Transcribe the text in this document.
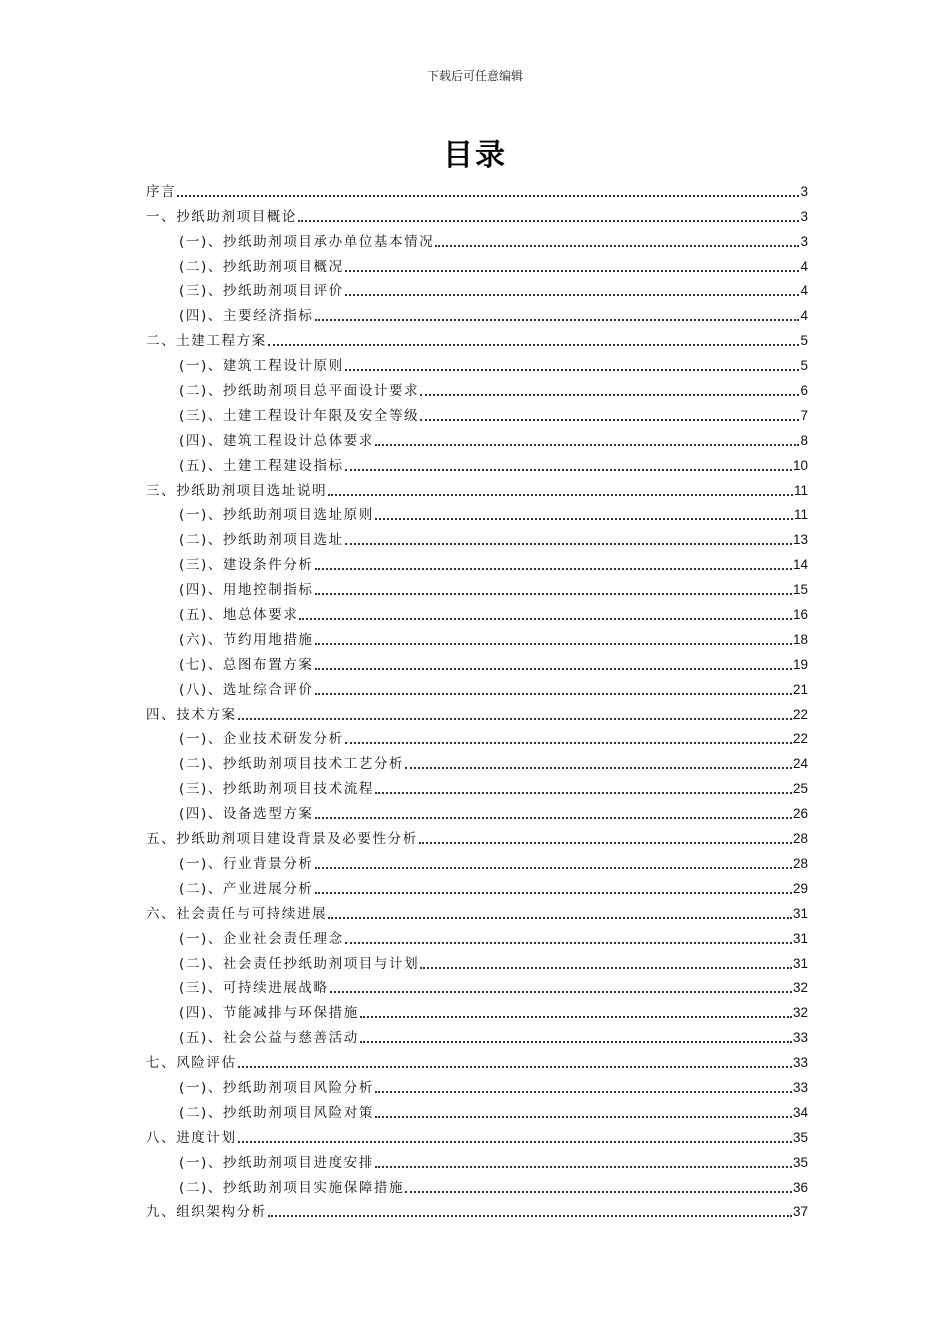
下载后可任意编辑
目录
序言	3
一、抄纸助剂项目概论	3
(一)、抄纸助剂项目承办单位基本情况	3
(二)、抄纸助剂项目概况	4
(三)、抄纸助剂项目评价	4
(四)、主要经济指标	4
二、土建工程方案	5
(一)、建筑工程设计原则	5
(二)、抄纸助剂项目总平面设计要求	6
(三)、土建工程设计年限及安全等级	7
(四)、建筑工程设计总体要求	8
(五)、土建工程建设指标	10
三、抄纸助剂项目选址说明	11
(一)、抄纸助剂项目选址原则	11
(二)、抄纸助剂项目选址	13
(三)、建设条件分析	14
(四)、用地控制指标	15
(五)、地总体要求	16
(六)、节约用地措施	18
(七)、总图布置方案	19
(八)、选址综合评价	21
四、技术方案	22
(一)、企业技术研发分析	22
(二)、抄纸助剂项目技术工艺分析	24
(三)、抄纸助剂项目技术流程	25
(四)、设备选型方案	26
五、抄纸助剂项目建设背景及必要性分析	28
(一)、行业背景分析	28
(二)、产业进展分析	29
六、社会责任与可持续进展	31
(一)、企业社会责任理念	31
(二)、社会责任抄纸助剂项目与计划	31
(三)、可持续进展战略	32
(四)、节能减排与环保措施	32
(五)、社会公益与慈善活动	33
七、风险评估	33
(一)、抄纸助剂项目风险分析	33
(二)、抄纸助剂项目风险对策	34
八、进度计划	35
(一)、抄纸助剂项目进度安排	35
(二)、抄纸助剂项目实施保障措施	36
九、组织架构分析	37
